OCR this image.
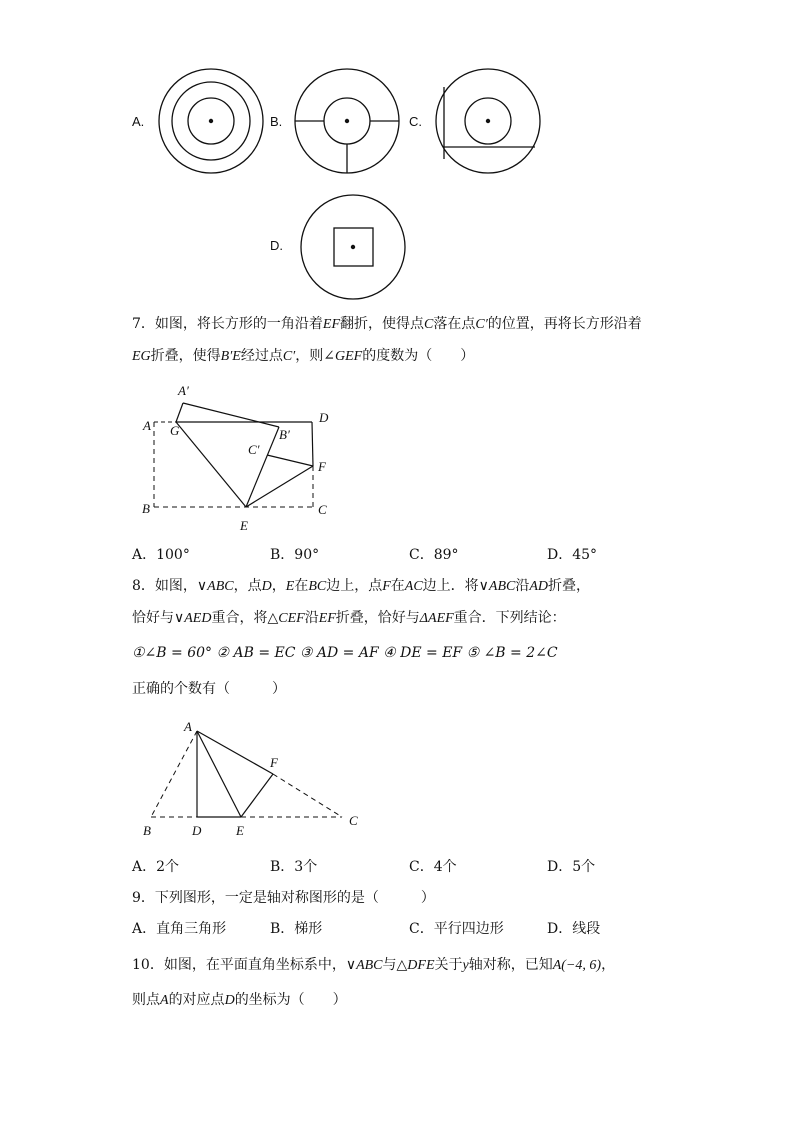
A.	B.	C.
D.
7．如图，将长方形的一角沿着EF翻折，使得点C落在点C′的位置，再将长方形沿着
EG折叠，使得B′E经过点C′，则∠GEF的度数为（　　）
A′
A G
D
B′
C′
F
B
E
C
A．100°	B．90°	C．89°	D．45°
8．如图，∨ABC，点D，E在BC边上，点F在AC边上．将∨ABC沿AD折叠，
恰好与∨AED重合，将△CEF沿EF折叠，恰好与ΔAEF重合．下列结论：
①∠B = 60° ② AB = EC ③ AD = AF ④ DE = EF ⑤ ∠B = 2∠C
正确的个数有（　　　）
A
F
B	D	E
C
A．2个	B．3个	C．4个	D．5个
9．下列图形，一定是轴对称图形的是（　　　）
A．直角三角形	B．梯形	C．平行四边形	D．线段
10．如图，在平面直角坐标系中，∨ABC与△DFE关于y轴对称，已知A(−4, 6)，
则点A的对应点D的坐标为（　　）
